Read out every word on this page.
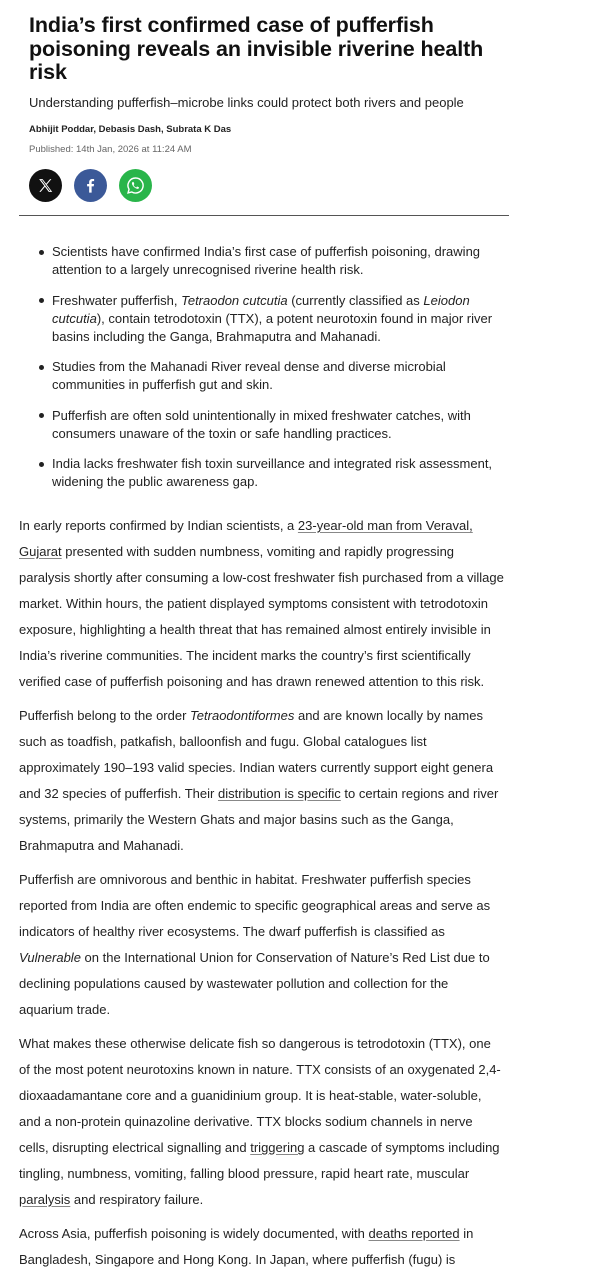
India’s first confirmed case of pufferfish poisoning reveals an invisible riverine health risk

Understanding pufferfish–microbe links could protect both rivers and people

Abhijit Poddar, Debasis Dash, Subrata K Das

Published: 14th Jan, 2026 at 11:24 AM

Scientists have confirmed India’s first case of pufferfish poisoning, drawing attention to a largely unrecognised riverine health risk.
Freshwater pufferfish, Tetraodon cutcutia (currently classified as Leiodon cutcutia), contain tetrodotoxin (TTX), a potent neurotoxin found in major river basins including the Ganga, Brahmaputra and Mahanadi.
Studies from the Mahanadi River reveal dense and diverse microbial communities in pufferfish gut and skin.
Pufferfish are often sold unintentionally in mixed freshwater catches, with consumers unaware of the toxin or safe handling practices.
India lacks freshwater fish toxin surveillance and integrated risk assessment, widening the public awareness gap.

In early reports confirmed by Indian scientists, a 23-year-old man from Veraval, Gujarat presented with sudden numbness, vomiting and rapidly progressing paralysis shortly after consuming a low-cost freshwater fish purchased from a village market. Within hours, the patient displayed symptoms consistent with tetrodotoxin exposure, highlighting a health threat that has remained almost entirely invisible in India’s riverine communities. The incident marks the country’s first scientifically verified case of pufferfish poisoning and has drawn renewed attention to this risk.

Pufferfish belong to the order Tetraodontiformes and are known locally by names such as toadfish, patkafish, balloonfish and fugu. Global catalogues list approximately 190–193 valid species. Indian waters currently support eight genera and 32 species of pufferfish. Their distribution is specific to certain regions and river systems, primarily the Western Ghats and major basins such as the Ganga, Brahmaputra and Mahanadi.

Pufferfish are omnivorous and benthic in habitat. Freshwater pufferfish species reported from India are often endemic to specific geographical areas and serve as indicators of healthy river ecosystems. The dwarf pufferfish is classified as Vulnerable on the International Union for Conservation of Nature’s Red List due to declining populations caused by wastewater pollution and collection for the aquarium trade.

What makes these otherwise delicate fish so dangerous is tetrodotoxin (TTX), one of the most potent neurotoxins known in nature. TTX consists of an oxygenated 2,4-dioxaadamantane core and a guanidinium group. It is heat-stable, water-soluble, and a non-protein quinazoline derivative. TTX blocks sodium channels in nerve cells, disrupting electrical signalling and triggering a cascade of symptoms including tingling, numbness, vomiting, falling blood pressure, rapid heart rate, muscular paralysis and respiratory failure.

Across Asia, pufferfish poisoning is widely documented, with deaths reported in Bangladesh, Singapore and Hong Kong. In Japan, where pufferfish (fugu) is
